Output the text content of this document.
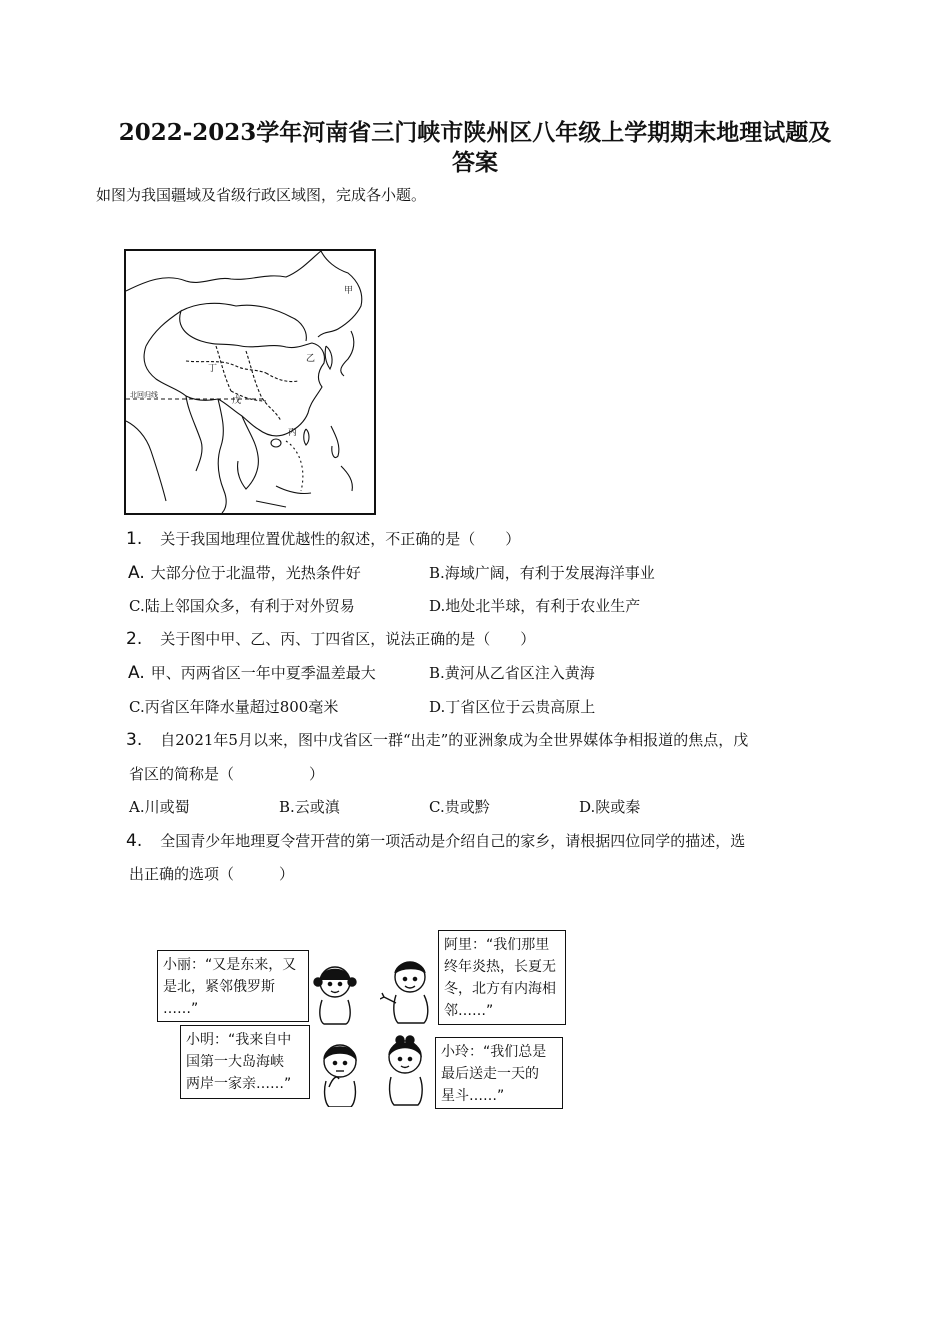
2022-2023学年河南省三门峡市陕州区八年级上学期期末地理试题及
答案
如图为我国疆域及省级行政区域图，完成各小题。
甲
乙
丙
丁
戊
北回归线
1. 关于我国地理位置优越性的叙述，不正确的是（　　）
A. 大部分位于北温带，光热条件好	B.海域广阔，有利于发展海洋事业
C.陆上邻国众多，有利于对外贸易	D.地处北半球，有利于农业生产
2. 关于图中甲、乙、丙、丁四省区，说法正确的是（　　）
A. 甲、丙两省区一年中夏季温差最大	B.黄河从乙省区注入黄海
C.丙省区年降水量超过800毫米	D.丁省区位于云贵高原上
3. 自2021年5月以来，图中戊省区一群“出走”的亚洲象成为全世界媒体争相报道的焦点，戊
省区的简称是（　　　　　）
A.川或蜀	B.云或滇	C.贵或黔	D.陕或秦
4. 全国青少年地理夏令营开营的第一项活动是介绍自己的家乡，请根据四位同学的描述，选
出正确的选项（　　　）
小丽：“又是东来，又
是北，紧邻俄罗斯
……”
阿里：“我们那里
终年炎热，长夏无
冬，北方有内海相
邻……”
小明：“我来自中
国第一大岛海峡
两岸一家亲……”
小玲：“我们总是
最后送走一天的
星斗……”
